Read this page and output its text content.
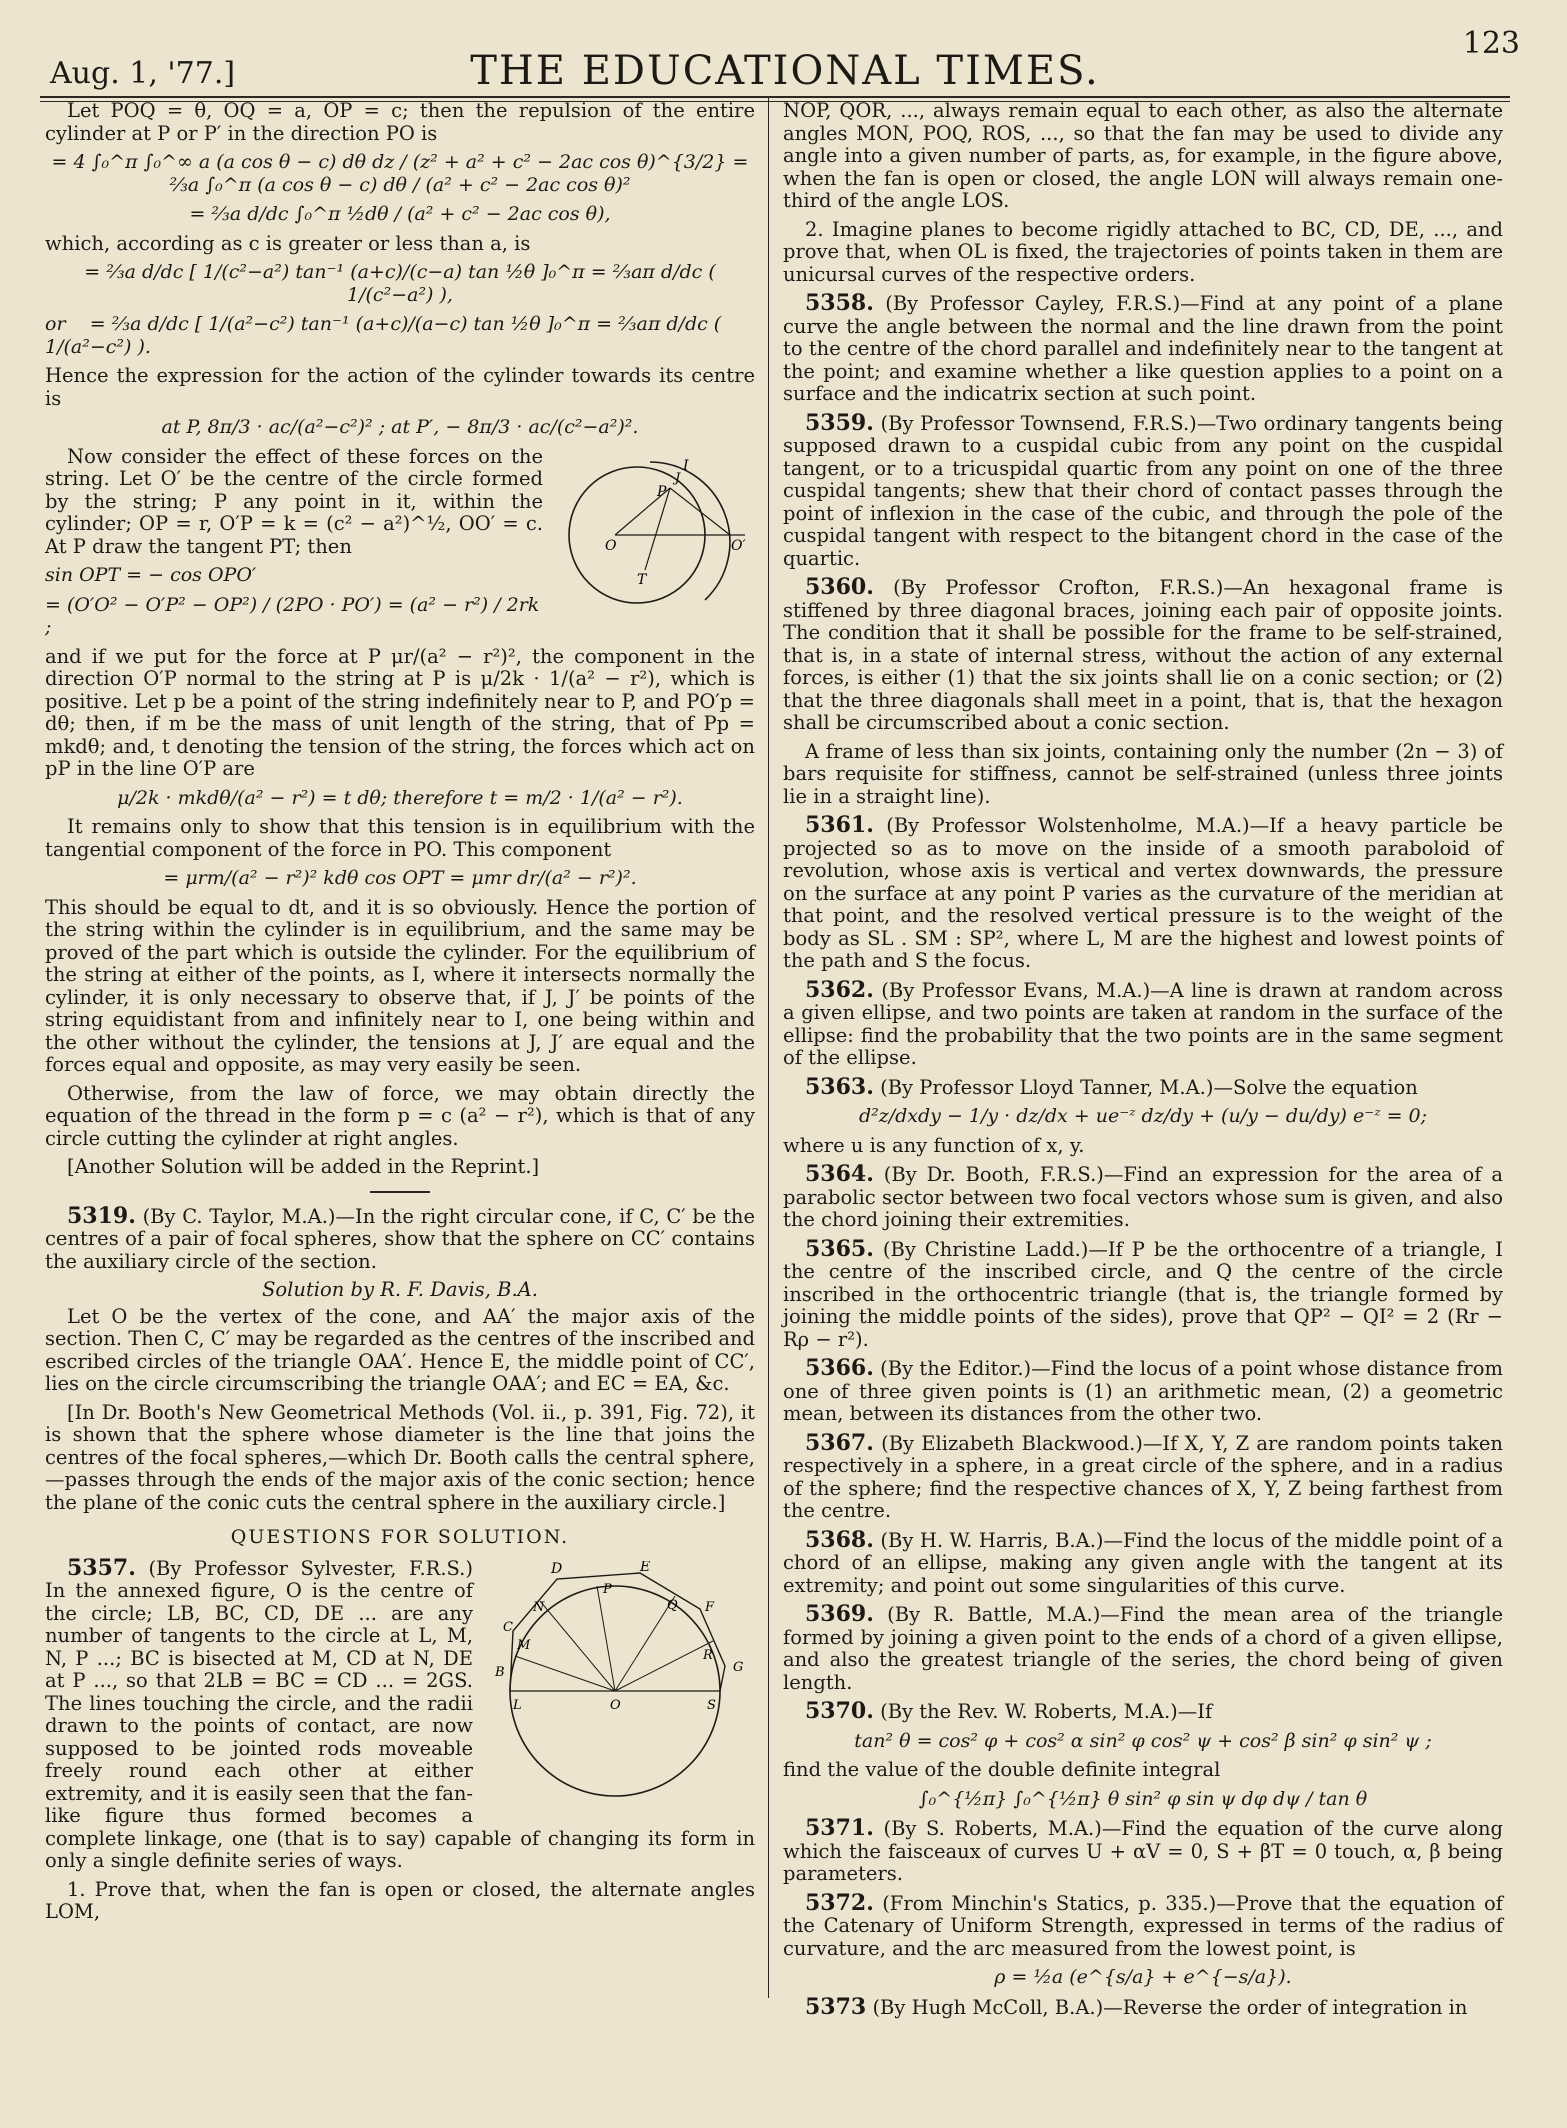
Aug. 1, '77.]	THE EDUCATIONAL TIMES.
123

Let POQ = θ, OQ = a, OP = c; then the repulsion of the entire cylinder at P or P′ in the direction PO is

= 4 ∫₀^π ∫₀^∞ a (a cos θ − c) dθ dz / (z² + a² + c² − 2ac cos θ)^{3/2} = ⅔a ∫₀^π (a cos θ − c) dθ / (a² + c² − 2ac cos θ)²
= ⅔a d/dc ∫₀^π ½dθ / (a² + c² − 2ac cos θ),

which, according as c is greater or less than a, is

= ⅔a d/dc [ 1/(c²−a²) tan⁻¹ (a+c)/(c−a) tan ½θ ]₀^π = ⅔aπ d/dc ( 1/(c²−a²) ),
or = ⅔a d/dc [ 1/(a²−c²) tan⁻¹ (a+c)/(a−c) tan ½θ ]₀^π = ⅔aπ d/dc ( 1/(a²−c²) ).

Hence the expression for the action of the cylinder towards its centre is

at P, 8π/3 · ac/(a²−c²)² ; at P′, − 8π/3 · ac/(c²−a²)².
I
J
P
O	O′
T

Now consider the effect of these forces on the string. Let O′ be the centre of the circle formed by the string; P any point in it, within the cylinder; OP = r, O′P = k = (c² − a²)^½, OO′ = c. At P draw the tangent PT; then

sin OPT = − cos OPO′
= (O′O² − O′P² − OP²) / (2PO · PO′) = (a² − r²) / 2rk ;

and if we put for the force at P μr/(a² − r²)², the component in the direction O′P normal to the string at P is μ/2k · 1/(a² − r²), which is positive. Let p be a point of the string indefinitely near to P, and PO′p = dθ; then, if m be the mass of unit length of the string, that of Pp = mkdθ; and, t denoting the tension of the string, the forces which act on pP in the line O′P are

μ/2k · mkdθ/(a² − r²) = t dθ; therefore t = m/2 · 1/(a² − r²).

It remains only to show that this tension is in equilibrium with the tangential component of the force in PO. This component

= μrm/(a² − r²)² kdθ cos OPT = μmr dr/(a² − r²)².

This should be equal to dt, and it is so obviously. Hence the portion of the string within the cylinder is in equilibrium, and the same may be proved of the part which is outside the cylinder. For the equilibrium of the string at either of the points, as I, where it intersects normally the cylinder, it is only necessary to observe that, if J, J′ be points of the string equidistant from and infinitely near to I, one being within and the other without the cylinder, the tensions at J, J′ are equal and the forces equal and opposite, as may very easily be seen.

Otherwise, from the law of force, we may obtain directly the equation of the thread in the form p = c (a² − r²), which is that of any circle cutting the cylinder at right angles.

[Another Solution will be added in the Reprint.]

5319. (By C. Taylor, M.A.)—In the right circular cone, if C, C′ be the centres of a pair of focal spheres, show that the sphere on CC′ contains the auxiliary circle of the section.

Solution by R. F. Davis, B.A.

Let O be the vertex of the cone, and AA′ the major axis of the section. Then C, C′ may be regarded as the centres of the inscribed and escribed circles of the triangle OAA′. Hence E, the middle point of CC′, lies on the circle circumscribing the triangle OAA′; and EC = EA, &c.

[In Dr. Booth's New Geometrical Methods (Vol. ii., p. 391, Fig. 72), it is shown that the sphere whose diameter is the line that joins the centres of the focal spheres,—which Dr. Booth calls the central sphere,—passes through the ends of the major axis of the conic section; hence the plane of the conic cuts the central sphere in the auxiliary circle.]

QUESTIONS FOR SOLUTION.
D	E
P
Q
N	F
C
M
R
B
L	O	S
G

5357. (By Professor Sylvester, F.R.S.) In the annexed figure, O is the centre of the circle; LB, BC, CD, DE ... are any number of tangents to the circle at L, M, N, P ...; BC is bisected at M, CD at N, DE at P ..., so that 2LB = BC = CD ... = 2GS. The lines touching the circle, and the radii drawn to the points of contact, are now supposed to be jointed rods moveable freely round each other at either extremity, and it is easily seen that the fan-like figure thus formed becomes a complete linkage, one (that is to say) capable of changing its form in only a single definite series of ways.

1. Prove that, when the fan is open or closed, the alternate angles LOM,

NOP, QOR, ..., always remain equal to each other, as also the alternate angles MON, POQ, ROS, ..., so that the fan may be used to divide any angle into a given number of parts, as, for example, in the figure above, when the fan is open or closed, the angle LON will always remain one-third of the angle LOS.

2. Imagine planes to become rigidly attached to BC, CD, DE, ..., and prove that, when OL is fixed, the trajectories of points taken in them are unicursal curves of the respective orders.

5358. (By Professor Cayley, F.R.S.)—Find at any point of a plane curve the angle between the normal and the line drawn from the point to the centre of the chord parallel and indefinitely near to the tangent at the point; and examine whether a like question applies to a point on a surface and the indicatrix section at such point.

5359. (By Professor Townsend, F.R.S.)—Two ordinary tangents being supposed drawn to a cuspidal cubic from any point on the cuspidal tangent, or to a tricuspidal quartic from any point on one of the three cuspidal tangents; shew that their chord of contact passes through the point of inflexion in the case of the cubic, and through the pole of the cuspidal tangent with respect to the bitangent chord in the case of the quartic.

5360. (By Professor Crofton, F.R.S.)—An hexagonal frame is stiffened by three diagonal braces, joining each pair of opposite joints. The condition that it shall be possible for the frame to be self-strained, that is, in a state of internal stress, without the action of any external forces, is either (1) that the six joints shall lie on a conic section; or (2) that the three diagonals shall meet in a point, that is, that the hexagon shall be circumscribed about a conic section.

A frame of less than six joints, containing only the number (2n − 3) of bars requisite for stiffness, cannot be self-strained (unless three joints lie in a straight line).

5361. (By Professor Wolstenholme, M.A.)—If a heavy particle be projected so as to move on the inside of a smooth paraboloid of revolution, whose axis is vertical and vertex downwards, the pressure on the surface at any point P varies as the curvature of the meridian at that point, and the resolved vertical pressure is to the weight of the body as SL . SM : SP², where L, M are the highest and lowest points of the path and S the focus.

5362. (By Professor Evans, M.A.)—A line is drawn at random across a given ellipse, and two points are taken at random in the surface of the ellipse: find the probability that the two points are in the same segment of the ellipse.

5363. (By Professor Lloyd Tanner, M.A.)—Solve the equation

d²z/dxdy − 1/y · dz/dx + ue⁻ᶻ dz/dy + (u/y − du/dy) e⁻ᶻ = 0;

where u is any function of x, y.

5364. (By Dr. Booth, F.R.S.)—Find an expression for the area of a parabolic sector between two focal vectors whose sum is given, and also the chord joining their extremities.

5365. (By Christine Ladd.)—If P be the orthocentre of a triangle, I the centre of the inscribed circle, and Q the centre of the circle inscribed in the orthocentric triangle (that is, the triangle formed by joining the middle points of the sides), prove that QP² − QI² = 2 (Rr − Rρ − r²).

5366. (By the Editor.)—Find the locus of a point whose distance from one of three given points is (1) an arithmetic mean, (2) a geometric mean, between its distances from the other two.

5367. (By Elizabeth Blackwood.)—If X, Y, Z are random points taken respectively in a sphere, in a great circle of the sphere, and in a radius of the sphere; find the respective chances of X, Y, Z being farthest from the centre.

5368. (By H. W. Harris, B.A.)—Find the locus of the middle point of a chord of an ellipse, making any given angle with the tangent at its extremity; and point out some singularities of this curve.

5369. (By R. Battle, M.A.)—Find the mean area of the triangle formed by joining a given point to the ends of a chord of a given ellipse, and also the greatest triangle of the series, the chord being of given length.

5370. (By the Rev. W. Roberts, M.A.)—If

tan² θ = cos² φ + cos² α sin² φ cos² ψ + cos² β sin² φ sin² ψ ;

find the value of the double definite integral

∫₀^{½π} ∫₀^{½π} θ sin² φ sin ψ dφ dψ / tan θ

5371. (By S. Roberts, M.A.)—Find the equation of the curve along which the faisceaux of curves U + αV = 0, S + βT = 0 touch, α, β being parameters.

5372. (From Minchin's Statics, p. 335.)—Prove that the equation of the Catenary of Uniform Strength, expressed in terms of the radius of curvature, and the arc measured from the lowest point, is

ρ = ½a (e^{s/a} + e^{−s/a}).

5373 (By Hugh McColl, B.A.)—Reverse the order of integration in
